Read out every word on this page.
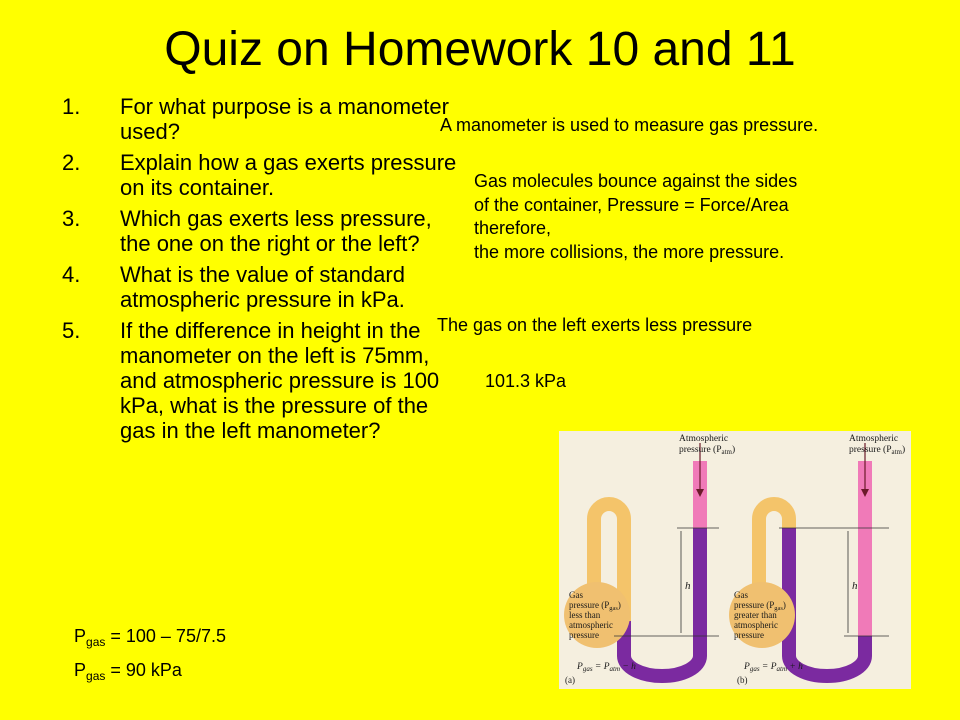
Quiz on Homework 10 and 11
1. For what purpose is a manometer used?
2. Explain how a gas exerts pressure on its container.
3. Which gas exerts less pressure, the one on the right or the left?
4. What is the value of standard atmospheric pressure in kPa.
5. If the difference in height in the manometer on the left is 75mm, and atmospheric pressure is 100 kPa, what is the pressure of the gas in the left manometer?
A manometer is used to measure gas pressure.
Gas molecules bounce against the sides
of the container, Pressure = Force/Area
therefore,
the more collisions, the more pressure.
The gas on the left exerts less pressure
101.3 kPa
$P_{gas} = 100 - 75/7.5$
$P_{gas} = 90$ kPa
h
Atmospheric
pressure $(P_{atm})$
Gas pressure $(P_{gas})$ less than atmospheric pressure
$P_{gas} = P_{atm} - h$
(a)
h
Atmospheric
pressure $(P_{atm})$
Gas pressure $(P_{gas})$ greater than atmospheric pressure
$P_{gas} = P_{atm} + h$
(b)
